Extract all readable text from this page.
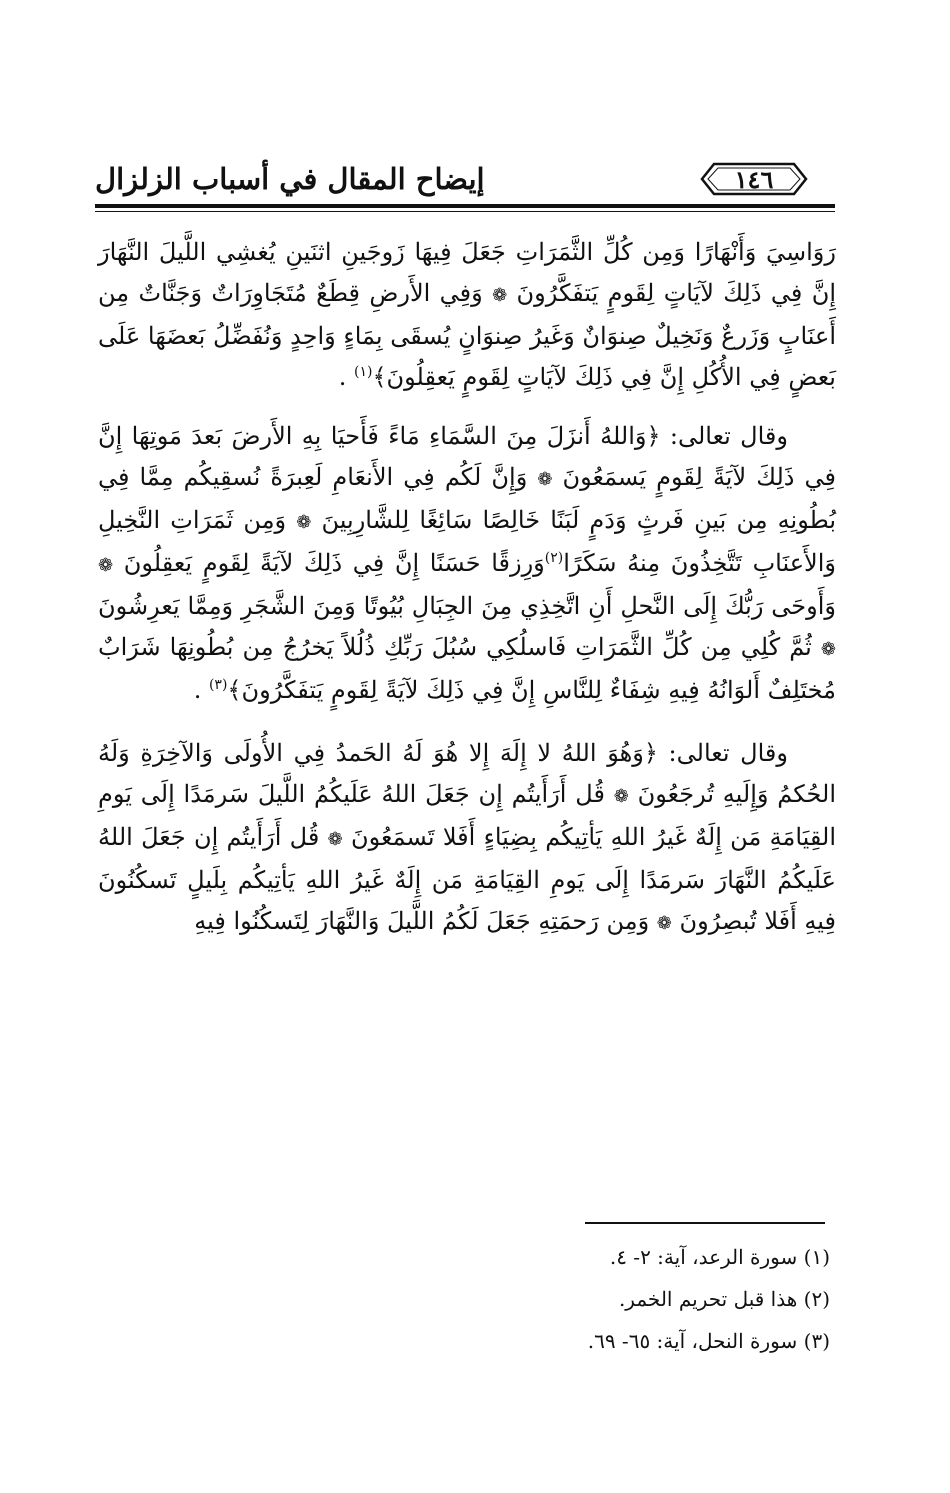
إيضاح المقال في أسباب الزلزال	١٤٦

رَوَاسِيَ وَأَنْهَارًا وَمِن كُلِّ الثَّمَرَاتِ جَعَلَ فِيهَا زَوجَينِ اثنَينِ يُغشِي اللَّيلَ النَّهَارَ إِنَّ فِي ذَلِكَ لآيَاتٍ لِقَومٍ يَتفَكَّرُونَ ❁ وَفِي الأَرضِ قِطَعٌ مُتَجَاوِرَاتٌ وَجَنَّاتٌ مِن أَعنَابٍ وَزَرعٌ وَنَخِيلٌ صِنوَانٌ وَغَيرُ صِنوَانٍ يُسقَى بِمَاءٍ وَاحِدٍ وَنُفَضِّلُ بَعضَهَا عَلَى بَعضٍ فِي الأُكُلِ إِنَّ فِي ذَلِكَ لآيَاتٍ لِقَومٍ يَعقِلُونَ﴾$^{(١)}$ .

وقال تعالى: ﴿وَاللهُ أَنزَلَ مِنَ السَّمَاءِ مَاءً فَأَحيَا بِهِ الأَرضَ بَعدَ مَوتِهَا إِنَّ فِي ذَلِكَ لآيَةً لِقَومٍ يَسمَعُونَ ❁ وَإِنَّ لَكُم فِي الأَنعَامِ لَعِبرَةً نُسقِيكُم مِمَّا فِي بُطُونِهِ مِن بَينِ فَرثٍ وَدَمٍ لَبَنًا خَالِصًا سَائِغًا لِلشَّارِبِينَ ❁ وَمِن ثَمَرَاتِ النَّخِيلِ وَالأَعنَابِ تَتَّخِذُونَ مِنهُ سَكَرًا$^{(٢)}$وَرِزقًا حَسَنًا إِنَّ فِي ذَلِكَ لآيَةً لِقَومٍ يَعقِلُونَ ❁ وَأَوحَى رَبُّكَ إِلَى النَّحلِ أَنِ اتَّخِذِي مِنَ الجِبَالِ بُيُوتًا وَمِنَ الشَّجَرِ وَمِمَّا يَعرِشُونَ ❁ ثُمَّ كُلِي مِن كُلِّ الثَّمَرَاتِ فَاسلُكِي سُبُلَ رَبِّكِ ذُلُلاً يَخرُجُ مِن بُطُونِهَا شَرَابٌ مُختَلِفٌ أَلوَانُهُ فِيهِ شِفَاءٌ لِلنَّاسِ إِنَّ فِي ذَلِكَ لآيَةً لِقَومٍ يَتفَكَّرُونَ﴾$^{(٣)}$ .

وقال تعالى: ﴿وَهُوَ اللهُ لا إِلَهَ إِلا هُوَ لَهُ الحَمدُ فِي الأُولَى وَالآخِرَةِ وَلَهُ الحُكمُ وَإِلَيهِ تُرجَعُونَ ❁ قُل أَرَأَيتُم إِن جَعَلَ اللهُ عَلَيكُمُ اللَّيلَ سَرمَدًا إِلَى يَومِ القِيَامَةِ مَن إِلَهٌ غَيرُ اللهِ يَأتِيكُم بِضِيَاءٍ أَفَلا تَسمَعُونَ ❁ قُل أَرَأَيتُم إِن جَعَلَ اللهُ عَلَيكُمُ النَّهَارَ سَرمَدًا إِلَى يَومِ القِيَامَةِ مَن إِلَهٌ غَيرُ اللهِ يَأتِيكُم بِلَيلٍ تَسكُنُونَ فِيهِ أَفَلا تُبصِرُونَ ❁ وَمِن رَحمَتِهِ جَعَلَ لَكُمُ اللَّيلَ وَالنَّهَارَ لِتَسكُنُوا فِيهِ

(١) سورة الرعد، آية: ٢- ٤.
(٢) هذا قبل تحريم الخمر.
(٣) سورة النحل، آية: ٦٥- ٦٩.
